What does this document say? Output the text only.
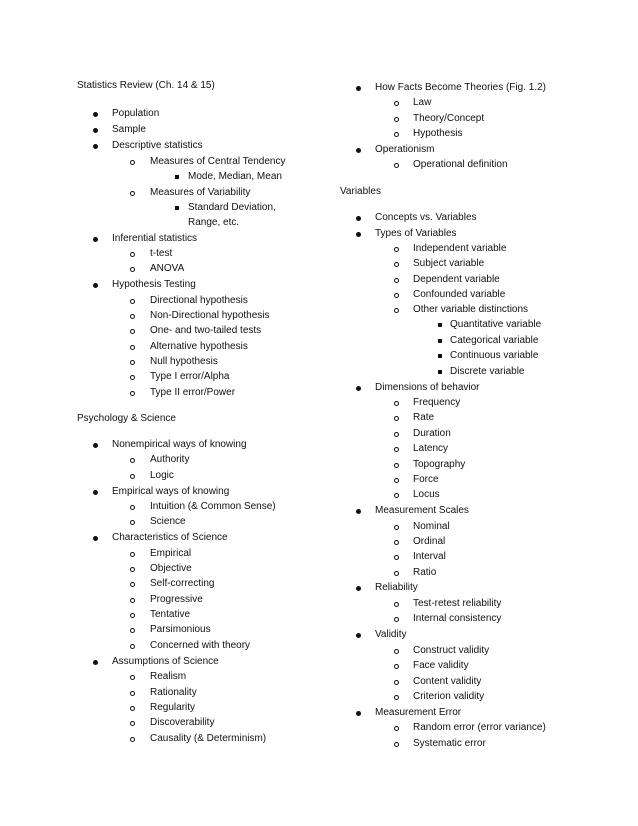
Statistics Review (Ch. 14 & 15)
Population
Sample
Descriptive statistics
Measures of Central Tendency
Mode, Median, Mean
Measures of Variability
Standard Deviation,
Range, etc.
Inferential statistics
t-test
ANOVA
Hypothesis Testing
Directional hypothesis
Non-Directional hypothesis
One- and two-tailed tests
Alternative hypothesis
Null hypothesis
Type I error/Alpha
Type II error/Power
Psychology & Science
Nonempirical ways of knowing
Authority
Logic
Empirical ways of knowing
Intuition (& Common Sense)
Science
Characteristics of Science
Empirical
Objective
Self-correcting
Progressive
Tentative
Parsimonious
Concerned with theory
Assumptions of Science
Realism
Rationality
Regularity
Discoverability
Causality (& Determinism)
How Facts Become Theories (Fig. 1.2)
Law
Theory/Concept
Hypothesis
Operationism
Operational definition
Variables
Concepts vs. Variables
Types of Variables
Independent variable
Subject variable
Dependent variable
Confounded variable
Other variable distinctions
Quantitative variable
Categorical variable
Continuous variable
Discrete variable
Dimensions of behavior
Frequency
Rate
Duration
Latency
Topography
Force
Locus
Measurement Scales
Nominal
Ordinal
Interval
Ratio
Reliability
Test-retest reliability
Internal consistency
Validity
Construct validity
Face validity
Content validity
Criterion validity
Measurement Error
Random error (error variance)
Systematic error
